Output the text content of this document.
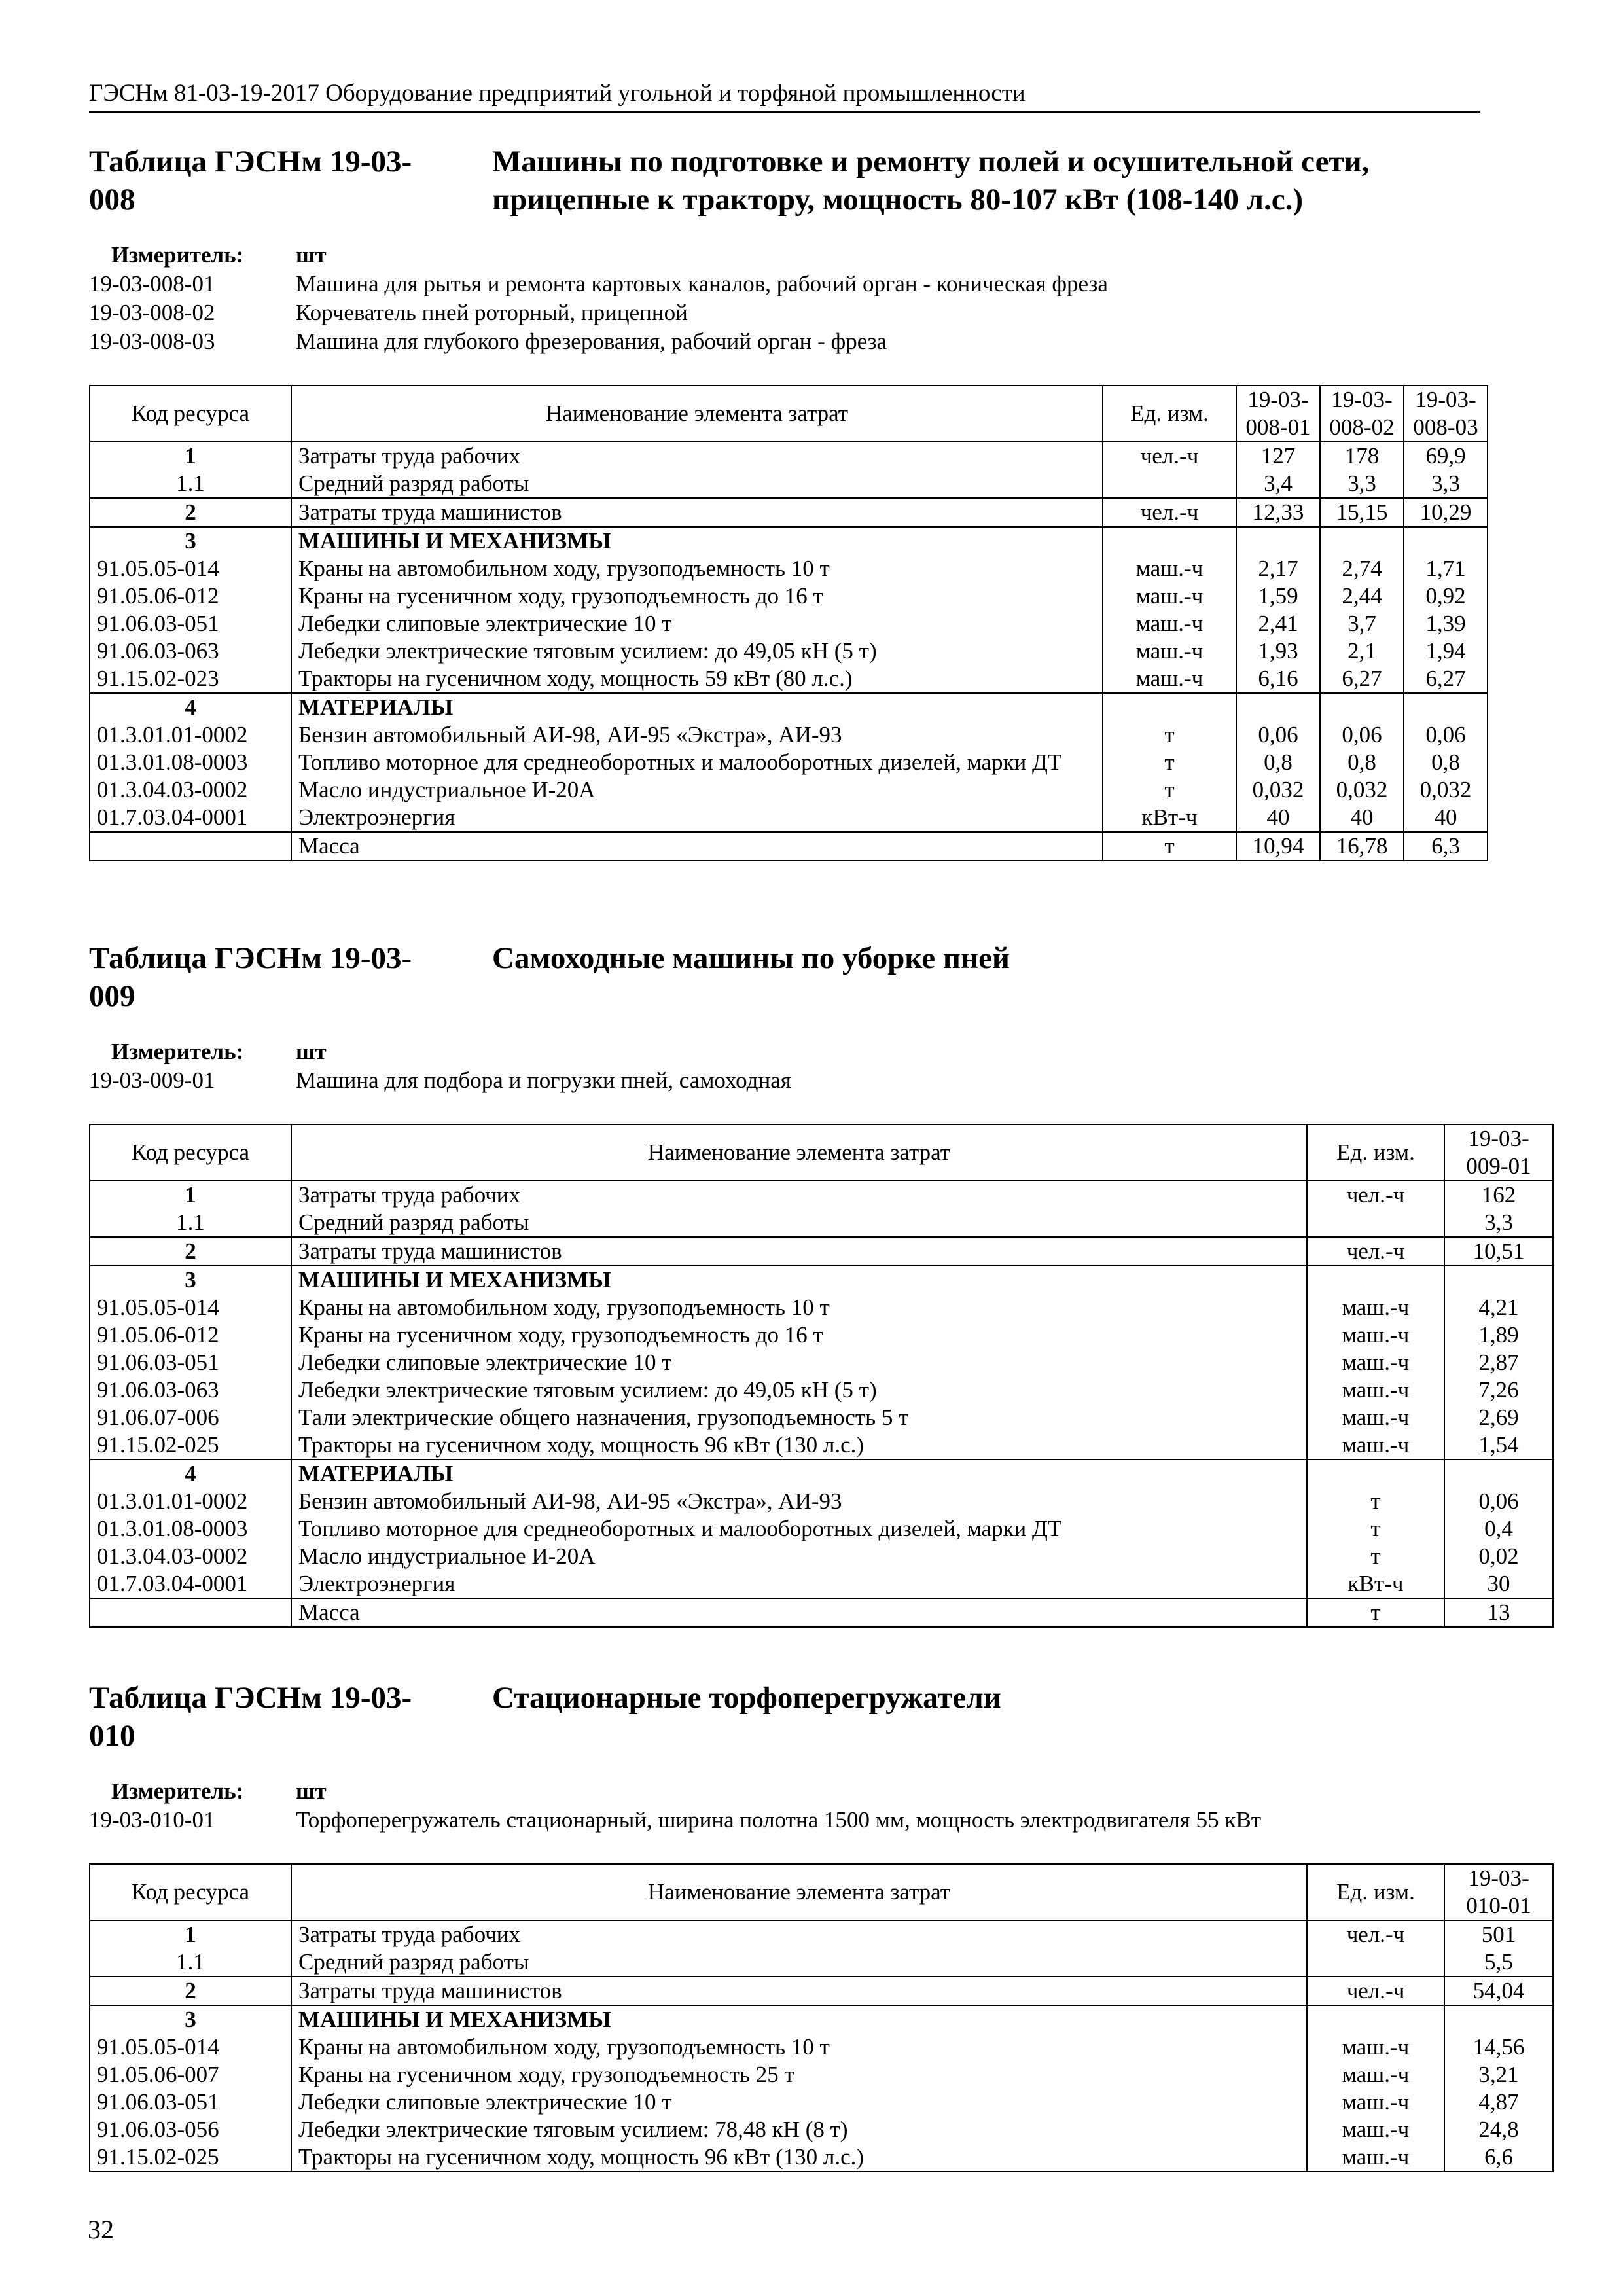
ГЭСНм 81-03-19-2017 Оборудование предприятий угольной и торфяной промышленности
Таблица ГЭСНм 19-03-008
Машины по подготовке и ремонту полей и осушительной сети, прицепные к трактору, мощность 80-107 кВт (108-140 л.с.)
Измеритель: шт
19-03-008-01	Машина для рытья и ремонта картовых каналов, рабочий орган - коническая фреза
19-03-008-02	Корчеватель пней роторный, прицепной
19-03-008-03	Машина для глубокого фрезерования, рабочий орган - фреза
Код ресурса	Наименование элемента затрат	Ед. изм.	19-03-008-01	19-03-008-02	19-03-008-03
1	Затраты труда рабочих	чел.-ч	127	178	69,9
1.1	Средний разряд работы		3,4	3,3	3,3
2	Затраты труда машинистов	чел.-ч	12,33	15,15	10,29
3	МАШИНЫ И МЕХАНИЗМЫ				
91.05.05-014	Краны на автомобильном ходу, грузоподъемность 10 т	маш.-ч	2,17	2,74	1,71
91.05.06-012	Краны на гусеничном ходу, грузоподъемность до 16 т	маш.-ч	1,59	2,44	0,92
91.06.03-051	Лебедки слиповые электрические 10 т	маш.-ч	2,41	3,7	1,39
91.06.03-063	Лебедки электрические тяговым усилием: до 49,05 кН (5 т)	маш.-ч	1,93	2,1	1,94
91.15.02-023	Тракторы на гусеничном ходу, мощность 59 кВт (80 л.с.)	маш.-ч	6,16	6,27	6,27
4	МАТЕРИАЛЫ				
01.3.01.01-0002	Бензин автомобильный АИ-98, АИ-95 «Экстра», АИ-93	т	0,06	0,06	0,06
01.3.01.08-0003	Топливо моторное для среднеоборотных и малооборотных дизелей, марки ДТ	т	0,8	0,8	0,8
01.3.04.03-0002	Масло индустриальное И-20А	т	0,032	0,032	0,032
01.7.03.04-0001	Электроэнергия	кВт-ч	40	40	40
	Масса	т	10,94	16,78	6,3
Таблица ГЭСНм 19-03-009
Самоходные машины по уборке пней
Измеритель: шт
19-03-009-01	Машина для подбора и погрузки пней, самоходная
Код ресурса	Наименование элемента затрат	Ед. изм.	19-03-009-01
1	Затраты труда рабочих	чел.-ч	162
1.1	Средний разряд работы		3,3
2	Затраты труда машинистов	чел.-ч	10,51
3	МАШИНЫ И МЕХАНИЗМЫ		
91.05.05-014	Краны на автомобильном ходу, грузоподъемность 10 т	маш.-ч	4,21
91.05.06-012	Краны на гусеничном ходу, грузоподъемность до 16 т	маш.-ч	1,89
91.06.03-051	Лебедки слиповые электрические 10 т	маш.-ч	2,87
91.06.03-063	Лебедки электрические тяговым усилием: до 49,05 кН (5 т)	маш.-ч	7,26
91.06.07-006	Тали электрические общего назначения, грузоподъемность 5 т	маш.-ч	2,69
91.15.02-025	Тракторы на гусеничном ходу, мощность 96 кВт (130 л.с.)	маш.-ч	1,54
4	МАТЕРИАЛЫ		
01.3.01.01-0002	Бензин автомобильный АИ-98, АИ-95 «Экстра», АИ-93	т	0,06
01.3.01.08-0003	Топливо моторное для среднеоборотных и малооборотных дизелей, марки ДТ	т	0,4
01.3.04.03-0002	Масло индустриальное И-20А	т	0,02
01.7.03.04-0001	Электроэнергия	кВт-ч	30
	Масса	т	13
Таблица ГЭСНм 19-03-010
Стационарные торфоперегружатели
Измеритель: шт
19-03-010-01	Торфоперегружатель стационарный, ширина полотна 1500 мм, мощность электродвигателя 55 кВт
Код ресурса	Наименование элемента затрат	Ед. изм.	19-03-010-01
1	Затраты труда рабочих	чел.-ч	501
1.1	Средний разряд работы		5,5
2	Затраты труда машинистов	чел.-ч	54,04
3	МАШИНЫ И МЕХАНИЗМЫ		
91.05.05-014	Краны на автомобильном ходу, грузоподъемность 10 т	маш.-ч	14,56
91.05.06-007	Краны на гусеничном ходу, грузоподъемность 25 т	маш.-ч	3,21
91.06.03-051	Лебедки слиповые электрические 10 т	маш.-ч	4,87
91.06.03-056	Лебедки электрические тяговым усилием: 78,48 кН (8 т)	маш.-ч	24,8
91.15.02-025	Тракторы на гусеничном ходу, мощность 96 кВт (130 л.с.)	маш.-ч	6,6
32
